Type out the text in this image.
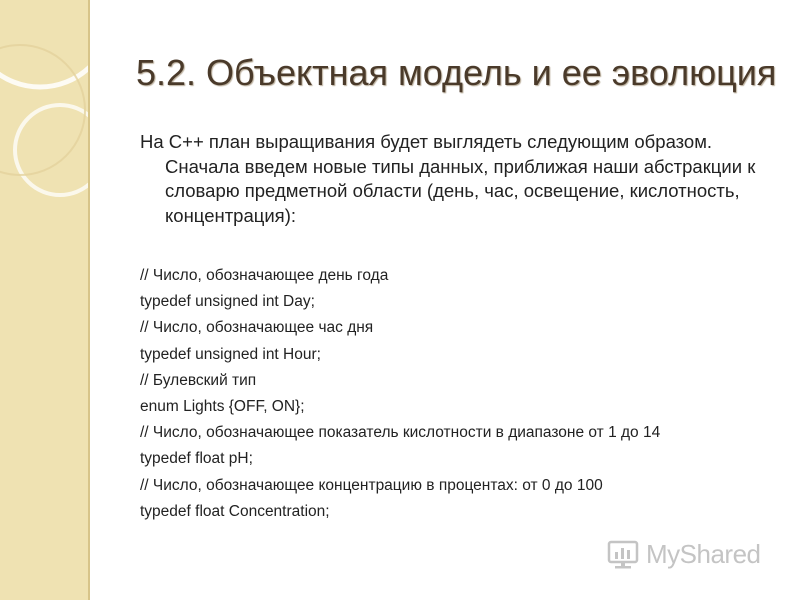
5.2. Объектная модель и ее эволюция
На С++ план выращивания будет выглядеть следующим образом.
Сначала введем новые типы данных, приближая наши абстракции к словарю предметной области (день, час, освещение, кислотность, концентрация):
// Число, обозначающее день года
typedef unsigned int Day;
// Число, обозначающее час дня
typedef unsigned int Hour;
// Булевский тип
enum Lights {OFF, ON};
// Число, обозначающее показатель кислотности в диапазоне от 1 до 14
typedef float pH;
// Число, обозначающее концентрацию в процентах: от 0 до 100
typedef float Concentration;
MyShared
